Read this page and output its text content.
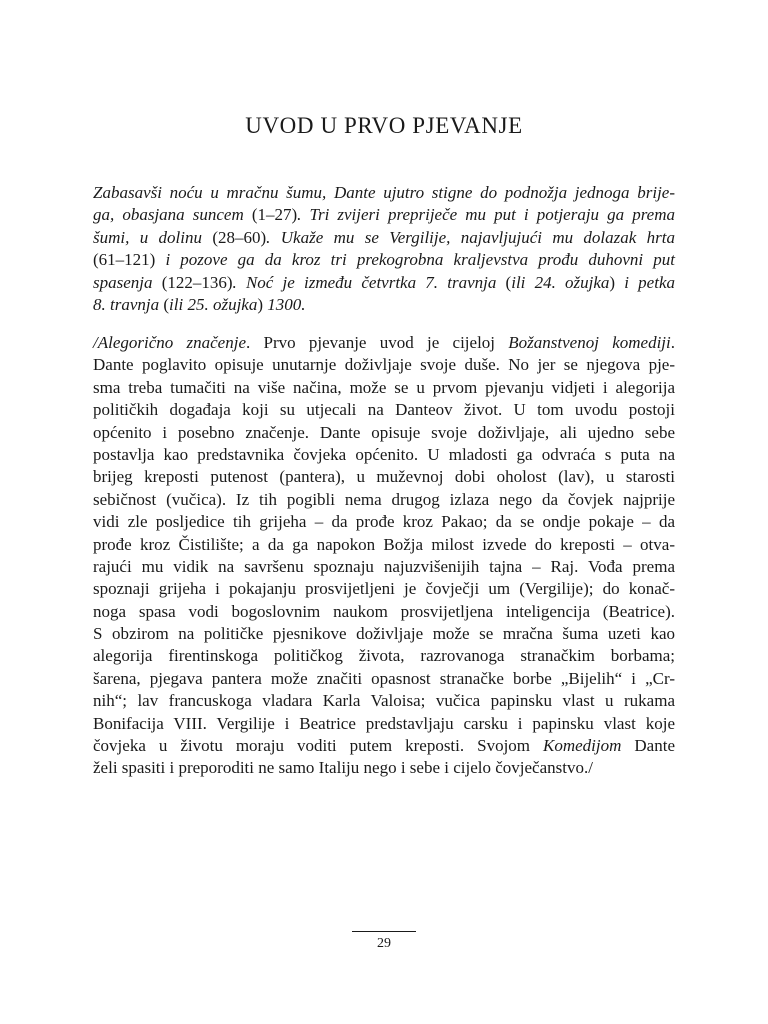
UVOD U PRVO PJEVANJE
Zabasavši noću u mračnu šumu, Dante ujutro stigne do podnožja jednoga brije-
ga, obasjana suncem (1–27). Tri zvijeri prepriječe mu put i potjeraju ga prema
šumi, u dolinu (28–60). Ukaže mu se Vergilije, najavljujući mu dolazak hrta
(61–121) i pozove ga da kroz tri prekogrobna kraljevstva prođu duhovni put
spasenja (122–136). Noć je između četvrtka 7. travnja (ili 24. ožujka) i petka
8. travnja (ili 25. ožujka) 1300.
/Alegorično značenje. Prvo pjevanje uvod je cijeloj Božanstvenoj komediji.
Dante poglavito opisuje unutarnje doživljaje svoje duše. No jer se njegova pje-
sma treba tumačiti na više načina, može se u prvom pjevanju vidjeti i alegorija
političkih događaja koji su utjecali na Danteov život. U tom uvodu postoji
općenito i posebno značenje. Dante opisuje svoje doživljaje, ali ujedno sebe
postavlja kao predstavnika čovjeka općenito. U mladosti ga odvraća s puta na
brijeg kreposti putenost (pantera), u muževnoj dobi oholost (lav), u starosti
sebičnost (vučica). Iz tih pogibli nema drugog izlaza nego da čovjek najprije
vidi zle posljedice tih grijeha – da prođe kroz Pakao; da se ondje pokaje – da
prođe kroz Čistilište; a da ga napokon Božja milost izvede do kreposti – otva-
rajući mu vidik na savršenu spoznaju najuzvišenijih tajna – Raj. Vođa prema
spoznaji grijeha i pokajanju prosvijetljeni je čovječji um (Vergilije); do konač-
noga spasa vodi bogoslovnim naukom prosvijetljena inteligencija (Beatrice).
S obzirom na političke pjesnikove doživljaje može se mračna šuma uzeti kao
alegorija firentinskoga političkog života, razrovanoga stranačkim borbama;
šarena, pjegava pantera može značiti opasnost stranačke borbe „Bijelih“ i „Cr-
nih“; lav francuskoga vladara Karla Valoisa; vučica papinsku vlast u rukama
Bonifacija VIII. Vergilije i Beatrice predstavljaju carsku i papinsku vlast koje
čovjeka u životu moraju voditi putem kreposti. Svojom Komedijom Dante
želi spasiti i preporoditi ne samo Italiju nego i sebe i cijelo čovječanstvo./
29
